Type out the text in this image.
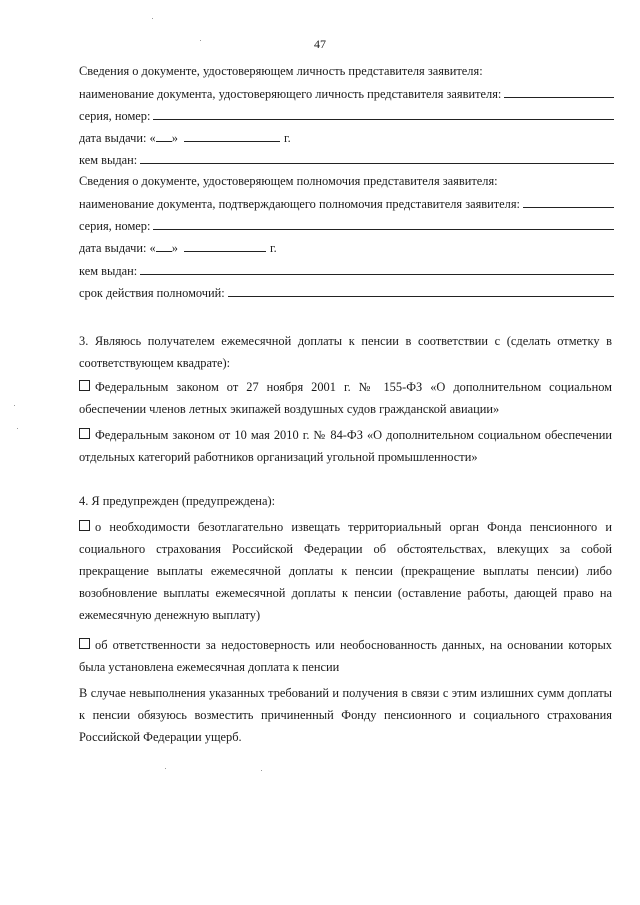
47
Сведения о документе, удостоверяющем личность представителя заявителя:
наименование документа, удостоверяющего личность представителя заявителя:
серия, номер:
дата выдачи: « »	г.
кем выдан:
Сведения о документе, удостоверяющем полномочия представителя заявителя:
наименование документа, подтверждающего полномочия представителя заявителя:
серия, номер:
дата выдачи: « »	г.
кем выдан:
срок действия полномочий:
3. Являюсь получателем ежемесячной доплаты к пенсии в соответствии с (сделать отметку в соответствующем квадрате):
Федеральным законом от 27 ноября 2001 г. № 155-ФЗ «О дополнительном социальном обеспечении членов летных экипажей воздушных судов гражданской авиации»
Федеральным законом от 10 мая 2010 г. № 84-ФЗ «О дополнительном социальном обеспечении отдельных категорий работников организаций угольной промышленности»
4. Я предупрежден (предупреждена):
о необходимости безотлагательно извещать территориальный орган Фонда пенсионного и социального страхования Российской Федерации об обстоятельствах, влекущих за собой прекращение выплаты ежемесячной доплаты к пенсии (прекращение выплаты пенсии) либо возобновление выплаты ежемесячной доплаты к пенсии (оставление работы, дающей право на ежемесячную денежную выплату)
об ответственности за недостоверность или необоснованность данных, на основании которых была установлена ежемесячная доплата к пенсии
В случае невыполнения указанных требований и получения в связи с этим излишних сумм доплаты к пенсии обязуюсь возместить причиненный Фонду пенсионного и социального страхования Российской Федерации ущерб.
